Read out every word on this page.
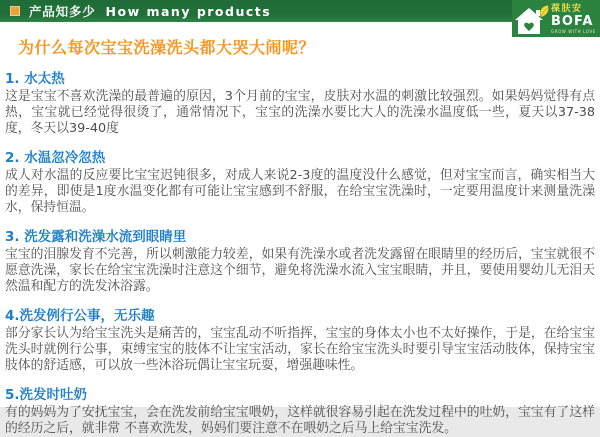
产品知多少 How many products	葆肤安
BOFA
GROW WITH LOVE
为什么每次宝宝洗澡洗头都大哭大闹呢？
1. 水太热

这是宝宝不喜欢洗澡的最普遍的原因，3个月前的宝宝，皮肤对水温的刺激比较强烈。如果妈妈觉得有点热，宝宝就已经觉得很烫了，通常情况下，宝宝的洗澡水要比大人的洗澡水温度低一些，夏天以37-38度，冬天以39-40度

2. 水温忽冷忽热

成人对水温的反应要比宝宝迟钝很多，对成人来说2-3度的温度没什么感觉，但对宝宝而言，确实相当大的差异，即使是1度水温变化都有可能让宝宝感到不舒服，在给宝宝洗澡时，一定要用温度计来测量洗澡水，保持恒温。

3. 洗发露和洗澡水流到眼睛里

宝宝的泪腺发育不完善，所以刺激能力较差，如果有洗澡水或者洗发露留在眼睛里的经历后，宝宝就很不愿意洗澡，家长在给宝宝洗澡时注意这个细节，避免将洗澡水流入宝宝眼睛，并且，要使用婴幼儿无泪天然温和配方的洗发沐浴露。

4.洗发例行公事，无乐趣

部分家长认为给宝宝洗头是痛苦的，宝宝乱动不听指挥，宝宝的身体太小也不太好操作，于是，在给宝宝洗头时就例行公事，束缚宝宝的肢体不让宝宝活动，家长在给宝宝洗头时要引导宝宝活动肢体，保持宝宝肢体的舒适感，可以放一些沐浴玩偶让宝宝玩耍，增强趣味性。

5.洗发时吐奶

有的妈妈为了安抚宝宝，会在洗发前给宝宝喂奶，这样就很容易引起在洗发过程中的吐奶，宝宝有了这样的经历之后，就非常 不喜欢洗发，妈妈们要注意不在喂奶之后马上给宝宝洗发。
